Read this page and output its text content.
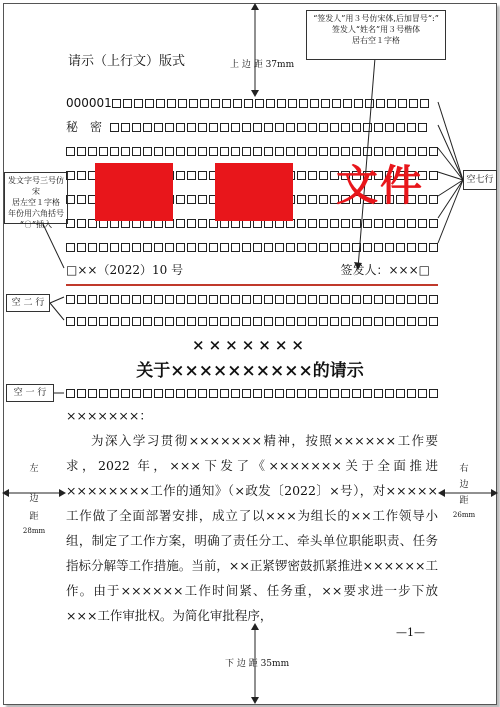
请示（上行文）版式	上 边 距 37mm
下 边 距 35mm
左
边
距
28mm
右
边
距
26mm
“签发人”用３号仿宋体,后加冒号“:”
签发人“姓名”用３号楷体
居右空１字格
发文字号三号仿宋
居左空１字格
年份用六角括号
“〔〕”插入
空七行
空 二 行
空 一 行
000001
秘　密
文件
□××（2022）10 号	签发人：×××□
×××××××
关于××××××××××的请示
×××××××：
为深入学习贯彻×××××××精神，按照××××××工作要求，2022 年，×××下发了《×××××××关于全面推进××××××××工作的通知》（×政发〔2022〕×号），对×××××工作做了全面部署安排，成立了以×××为组长的××工作领导小组，制定了工作方案，明确了责任分工、牵头单位职能职责、任务指标分解等工作措施。当前，××正紧锣密鼓抓紧推进××××××工作。由于××××××工作时间紧、任务重，××要求进一步下放×××工作审批权。为简化审批程序，
—1—
